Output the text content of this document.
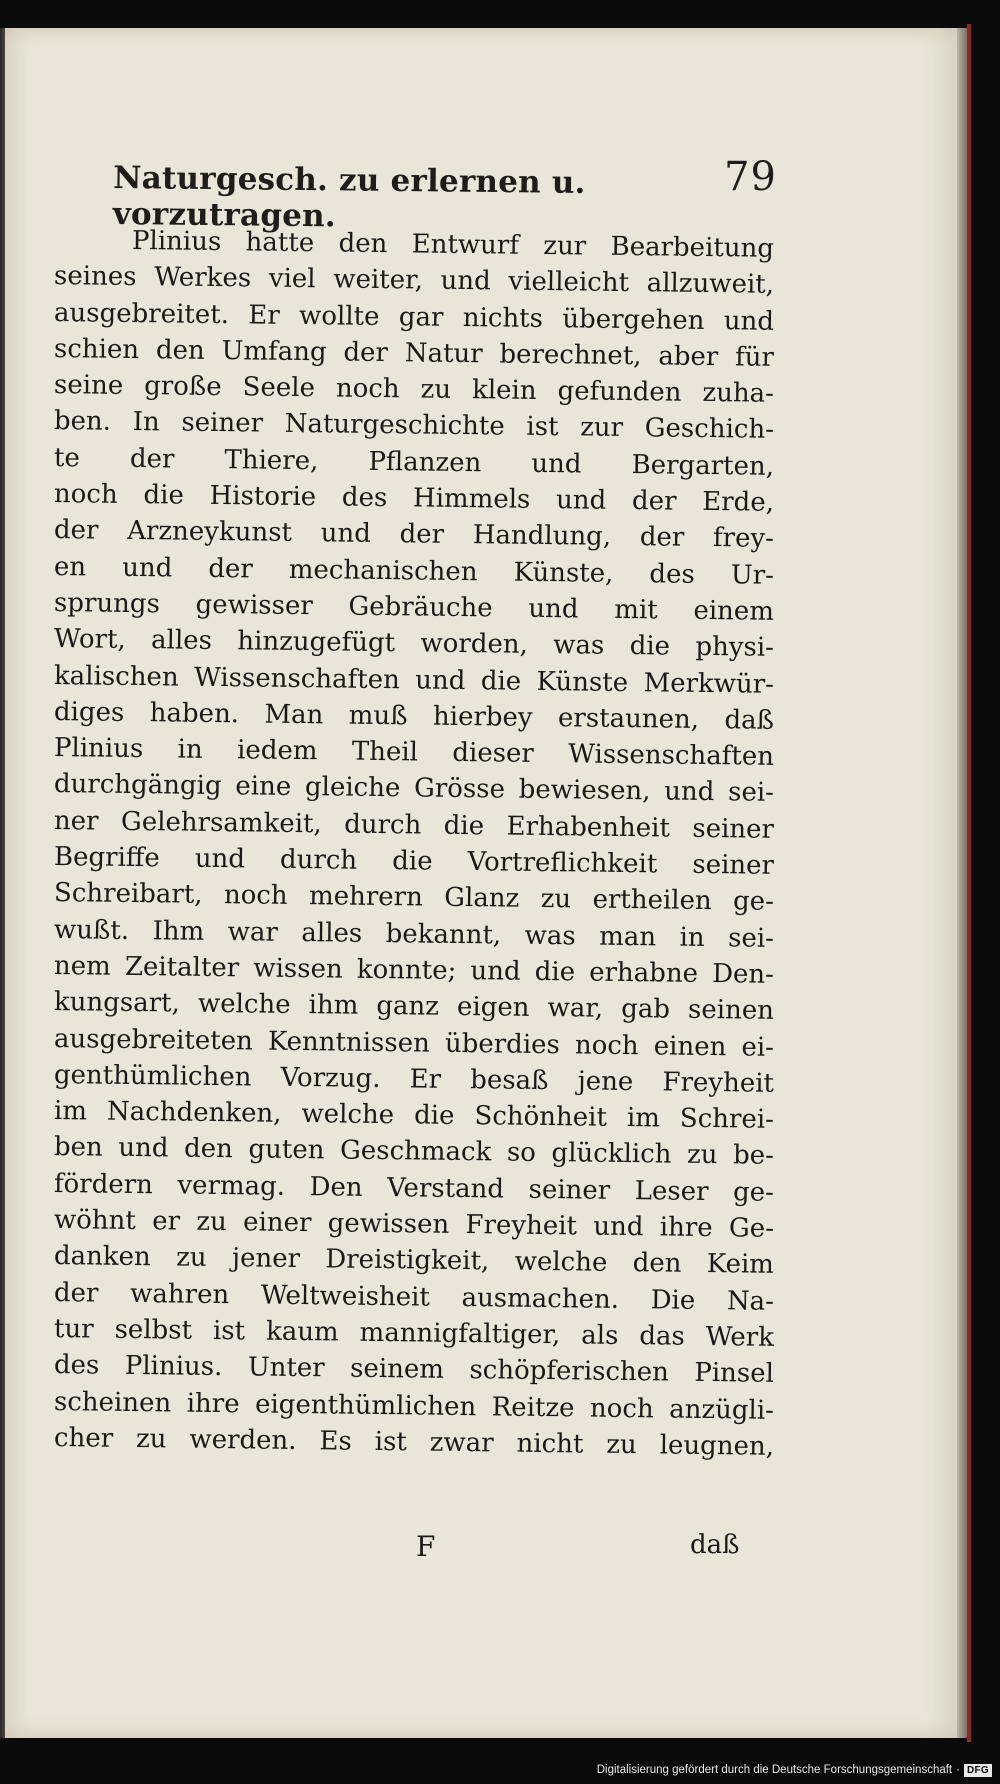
Naturgesch. zu erlernen u. vorzutragen.
79
Plinius hatte den Entwurf zur Bearbeitung
seines Werkes viel weiter, und vielleicht allzuweit,
ausgebreitet. Er wollte gar nichts übergehen und
schien den Umfang der Natur berechnet, aber für
seine große Seele noch zu klein gefunden zuha-
ben. In seiner Naturgeschichte ist zur Geschich-
te der Thiere, Pflanzen und Bergarten,
noch die Historie des Himmels und der Erde,
der Arzneykunst und der Handlung, der frey-
en und der mechanischen Künste, des Ur-
sprungs gewisser Gebräuche und mit einem
Wort, alles hinzugefügt worden, was die physi-
kalischen Wissenschaften und die Künste Merkwür-
diges haben. Man muß hierbey erstaunen, daß
Plinius in iedem Theil dieser Wissenschaften
durchgängig eine gleiche Grösse bewiesen, und sei-
ner Gelehrsamkeit, durch die Erhabenheit seiner
Begriffe und durch die Vortreflichkeit seiner
Schreibart, noch mehrern Glanz zu ertheilen ge-
wußt. Ihm war alles bekannt, was man in sei-
nem Zeitalter wissen konnte; und die erhabne Den-
kungsart, welche ihm ganz eigen war, gab seinen
ausgebreiteten Kenntnissen überdies noch einen ei-
genthümlichen Vorzug. Er besaß jene Freyheit
im Nachdenken, welche die Schönheit im Schrei-
ben und den guten Geschmack so glücklich zu be-
fördern vermag. Den Verstand seiner Leser ge-
wöhnt er zu einer gewissen Freyheit und ihre Ge-
danken zu jener Dreistigkeit, welche den Keim
der wahren Weltweisheit ausmachen. Die Na-
tur selbst ist kaum mannigfaltiger, als das Werk
des Plinius. Unter seinem schöpferischen Pinsel
scheinen ihre eigenthümlichen Reitze noch anzügli-
cher zu werden. Es ist zwar nicht zu leugnen,
F	daß
Digitalisierung gefördert durch die Deutsche Forschungsgemeinschaft · DFG
